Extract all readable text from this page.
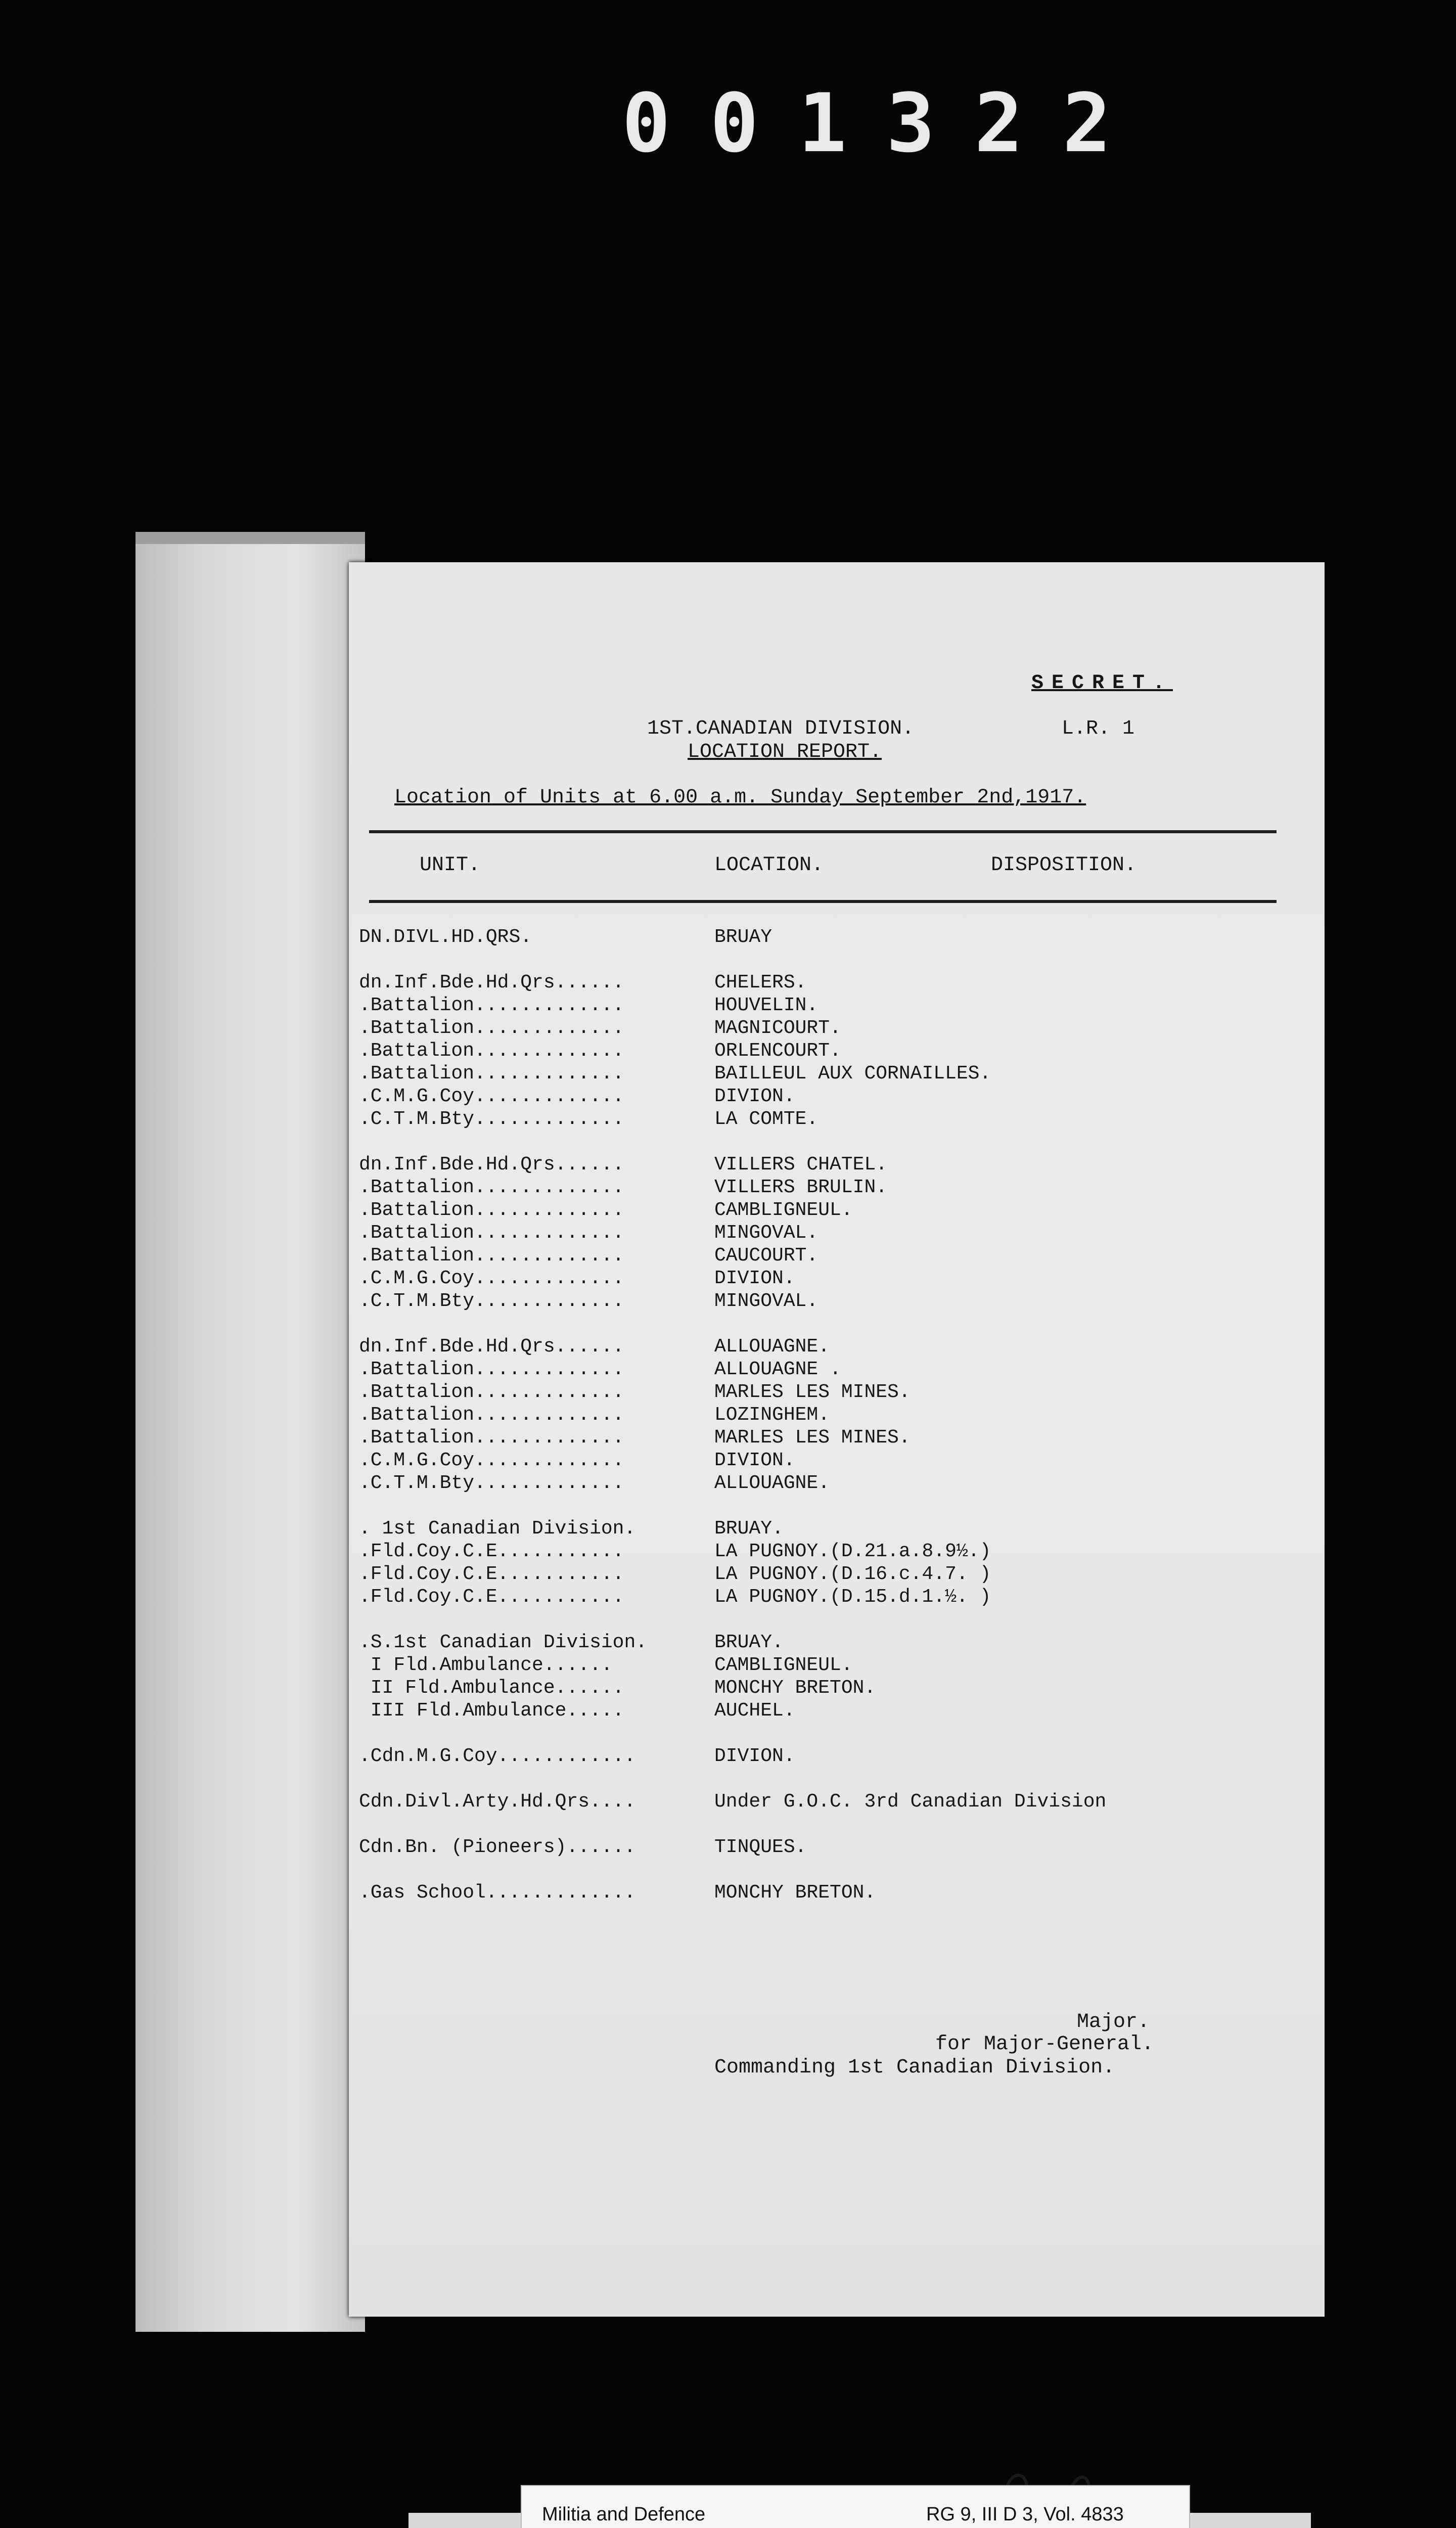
001322
SECRET.
1ST.CANADIAN DIVISION.	L.R. 1
LOCATION REPORT.
Location of Units at 6.00 a.m. Sunday September 2nd,1917.
UNIT.	LOCATION.	DISPOSITION.
DN.DIVL.HD.QRS.	BRUAY
dn.Inf.Bde.Hd.Qrs......	CHELERS.
.Battalion.............	HOUVELIN.
.Battalion.............	MAGNICOURT.
.Battalion.............	ORLENCOURT.
.Battalion.............	BAILLEUL AUX CORNAILLES.
.C.M.G.Coy.............	DIVION.
.C.T.M.Bty.............	LA COMTE.
dn.Inf.Bde.Hd.Qrs......	VILLERS CHATEL.
.Battalion.............	VILLERS BRULIN.
.Battalion.............	CAMBLIGNEUL.
.Battalion.............	MINGOVAL.
.Battalion.............	CAUCOURT.
.C.M.G.Coy.............	DIVION.
.C.T.M.Bty.............	MINGOVAL.
dn.Inf.Bde.Hd.Qrs......	ALLOUAGNE.
.Battalion.............	ALLOUAGNE .
.Battalion.............	MARLES LES MINES.
.Battalion.............	LOZINGHEM.
.Battalion.............	MARLES LES MINES.
.C.M.G.Coy.............	DIVION.
.C.T.M.Bty.............	ALLOUAGNE.
. 1st Canadian Division.	BRUAY.
.Fld.Coy.C.E...........	LA PUGNOY.(D.21.a.8.9½.)
.Fld.Coy.C.E...........	LA PUGNOY.(D.16.c.4.7. )
.Fld.Coy.C.E...........	LA PUGNOY.(D.15.d.1.½. )
.S.1st Canadian Division.	BRUAY.
I Fld.Ambulance......	CAMBLIGNEUL.
II Fld.Ambulance......	MONCHY BRETON.
III Fld.Ambulance.....	AUCHEL.
.Cdn.M.G.Coy............	DIVION.
Cdn.Divl.Arty.Hd.Qrs....	Under G.O.C. 3rd Canadian Division
Cdn.Bn. (Pioneers)......	TINQUES.
.Gas School.............	MONCHY BRETON.
Major.
for Major-General.
Commanding 1st Canadian Division.
Militia and Defence	RG 9, III D 3, Vol. 4833
